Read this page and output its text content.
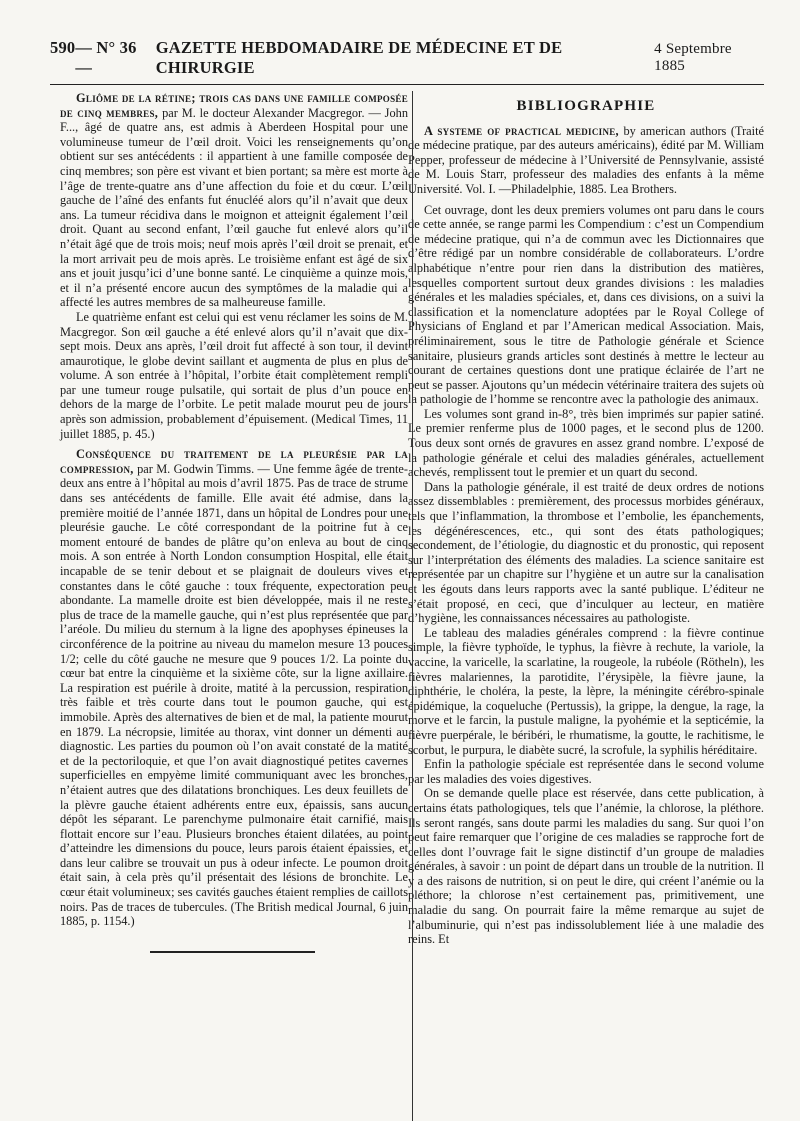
590 — N° 36 —
GAZETTE HEBDOMADAIRE DE MÉDECINE ET DE CHIRURGIE
4 Septembre 1885

Gliôme de la rétine; trois cas dans une famille composée de cinq membres, par M. le docteur Alexander Macgregor. — John F..., âgé de quatre ans, est admis à Aberdeen Hospital pour une volumineuse tumeur de l’œil droit. Voici les renseignements qu’on obtient sur ses antécédents : il appartient à une famille composée de cinq membres; son père est vivant et bien portant; sa mère est morte à l’âge de trente-quatre ans d’une affection du foie et du cœur. L’œil gauche de l’aîné des enfants fut énucléé alors qu’il n’avait que deux ans. La tumeur récidiva dans le moignon et atteignit également l’œil droit. Quant au second enfant, l’œil gauche fut enlevé alors qu’il n’était âgé que de trois mois; neuf mois après l’œil droit se prenait, et la mort arrivait peu de mois après. Le troisième enfant est âgé de six ans et jouit jusqu’ici d’une bonne santé. Le cinquième a quinze mois, et il n’a présenté encore aucun des symptômes de la maladie qui a affecté les autres membres de sa malheureuse famille.

Le quatrième enfant est celui qui est venu réclamer les soins de M. Macgregor. Son œil gauche a été enlevé alors qu’il n’avait que dix-sept mois. Deux ans après, l’œil droit fut affecté à son tour, il devint amaurotique, le globe devint saillant et augmenta de plus en plus de volume. A son entrée à l’hôpital, l’orbite était complètement rempli par une tumeur rouge pulsatile, qui sortait de plus d’un pouce en dehors de la marge de l’orbite. Le petit malade mourut peu de jours après son admission, probablement d’épuisement. (Medical Times, 11 juillet 1885, p. 45.)

Conséquence du traitement de la pleurésie par la compression, par M. Godwin Timms. — Une femme âgée de trente-deux ans entre à l’hôpital au mois d’avril 1875. Pas de trace de strume dans ses antécédents de famille. Elle avait été admise, dans la première moitié de l’année 1871, dans un hôpital de Londres pour une pleurésie gauche. Le côté correspondant de la poitrine fut à ce moment entouré de bandes de plâtre qu’on enleva au bout de cinq mois. A son entrée à North London consumption Hospital, elle était incapable de se tenir debout et se plaignait de douleurs vives et constantes dans le côté gauche : toux fréquente, expectoration peu abondante. La mamelle droite est bien développée, mais il ne reste plus de trace de la mamelle gauche, qui n’est plus représentée que par l’aréole. Du milieu du sternum à la ligne des apophyses épineuses la circonférence de la poitrine au niveau du mamelon mesure 13 pouces 1/2; celle du côté gauche ne mesure que 9 pouces 1/2. La pointe du cœur bat entre la cinquième et la sixième côte, sur la ligne axillaire. La respiration est puérile à droite, matité à la percussion, respiration très faible et très courte dans tout le poumon gauche, qui est immobile. Après des alternatives de bien et de mal, la patiente mourut en 1879. La nécropsie, limitée au thorax, vint donner un démenti au diagnostic. Les parties du poumon où l’on avait constaté de la matité et de la pectoriloquie, et que l’on avait diagnostiqué petites cavernes superficielles en empyème limité communiquant avec les bronches, n’étaient autres que des dilatations bronchiques. Les deux feuillets de la plèvre gauche étaient adhérents entre eux, épaissis, sans aucun dépôt les séparant. Le parenchyme pulmonaire était carnifié, mais flottait encore sur l’eau. Plusieurs bronches étaient dilatées, au point d’atteindre les dimensions du pouce, leurs parois étaient épaissies, et dans leur calibre se trouvait un pus à odeur infecte. Le poumon droit était sain, à cela près qu’il présentait des lésions de bronchite. Le cœur était volumineux; ses cavités gauches étaient remplies de caillots noirs. Pas de traces de tubercules. (The British medical Journal, 6 juin 1885, p. 1154.)

BIBLIOGRAPHIE

A systeme of practical medicine, by american authors (Traité de médecine pratique, par des auteurs américains), édité par M. William Pepper, professeur de médecine à l’Université de Pennsylvanie, assisté de M. Louis Starr, professeur des maladies des enfants à la même Université. Vol. I. —Philadelphie, 1885. Lea Brothers.

Cet ouvrage, dont les deux premiers volumes ont paru dans le cours de cette année, se range parmi les Compendium : c’est un Compendium de médecine pratique, qui n’a de commun avec les Dictionnaires que d’être rédigé par un nombre considérable de collaborateurs. L’ordre alphabétique n’entre pour rien dans la distribution des matières, lesquelles comportent surtout deux grandes divisions : les maladies générales et les maladies spéciales, et, dans ces divisions, on a suivi la classification et la nomenclature adoptées par le Royal College of Physicians of England et par l’American medical Association. Mais, préliminairement, sous le titre de Pathologie générale et Science sanitaire, plusieurs grands articles sont destinés à mettre le lecteur au courant de certaines questions dont une pratique éclairée de l’art ne peut se passer. Ajoutons qu’un médecin vétérinaire traitera des sujets où la pathologie de l’homme se rencontre avec la pathologie des animaux.

Les volumes sont grand in-8°, très bien imprimés sur papier satiné. Le premier renferme plus de 1000 pages, et le second plus de 1200. Tous deux sont ornés de gravures en assez grand nombre. L’exposé de la pathologie générale et celui des maladies générales, actuellement achevés, remplissent tout le premier et un quart du second.

Dans la pathologie générale, il est traité de deux ordres de notions assez dissemblables : premièrement, des processus morbides généraux, tels que l’inflammation, la thrombose et l’embolie, les épanchements, les dégénérescences, etc., qui sont des états pathologiques; secondement, de l’étiologie, du diagnostic et du pronostic, qui reposent sur l’interprétation des éléments des maladies. La science sanitaire est représentée par un chapitre sur l’hygiène et un autre sur la canalisation et les égouts dans leurs rapports avec la santé publique. L’éditeur ne s’était proposé, en ceci, que d’inculquer au lecteur, en matière d’hygiène, les connaissances nécessaires au pathologiste.

Le tableau des maladies générales comprend : la fièvre continue simple, la fièvre typhoïde, le typhus, la fièvre à rechute, la variole, la vaccine, la varicelle, la scarlatine, la rougeole, la rubéole (Rötheln), les fièvres malariennes, la parotidite, l’érysipèle, la fièvre jaune, la diphthérie, le choléra, la peste, la lèpre, la méningite cérébro-spinale épidémique, la coqueluche (Pertussis), la grippe, la dengue, la rage, la morve et le farcin, la pustule maligne, la pyohémie et la septicémie, la fièvre puerpérale, le béribéri, le rhumatisme, la goutte, le rachitisme, le scorbut, le purpura, le diabète sucré, la scrofule, la syphilis héréditaire.

Enfin la pathologie spéciale est représentée dans le second volume par les maladies des voies digestives.

On se demande quelle place est réservée, dans cette publication, à certains états pathologiques, tels que l’anémie, la chlorose, la pléthore. Ils seront rangés, sans doute parmi les maladies du sang. Sur quoi l’on peut faire remarquer que l’origine de ces maladies se rapproche fort de celles dont l’ouvrage fait le signe distinctif d’un groupe de maladies générales, à savoir : un point de départ dans un trouble de la nutrition. Il y a des raisons de nutrition, si on peut le dire, qui créent l’anémie ou la pléthore; la chlorose n’est certainement pas, primitivement, une maladie du sang. On pourrait faire la même remarque au sujet de l’albuminurie, qui n’est pas indissolublement liée à une maladie des reins. Et
